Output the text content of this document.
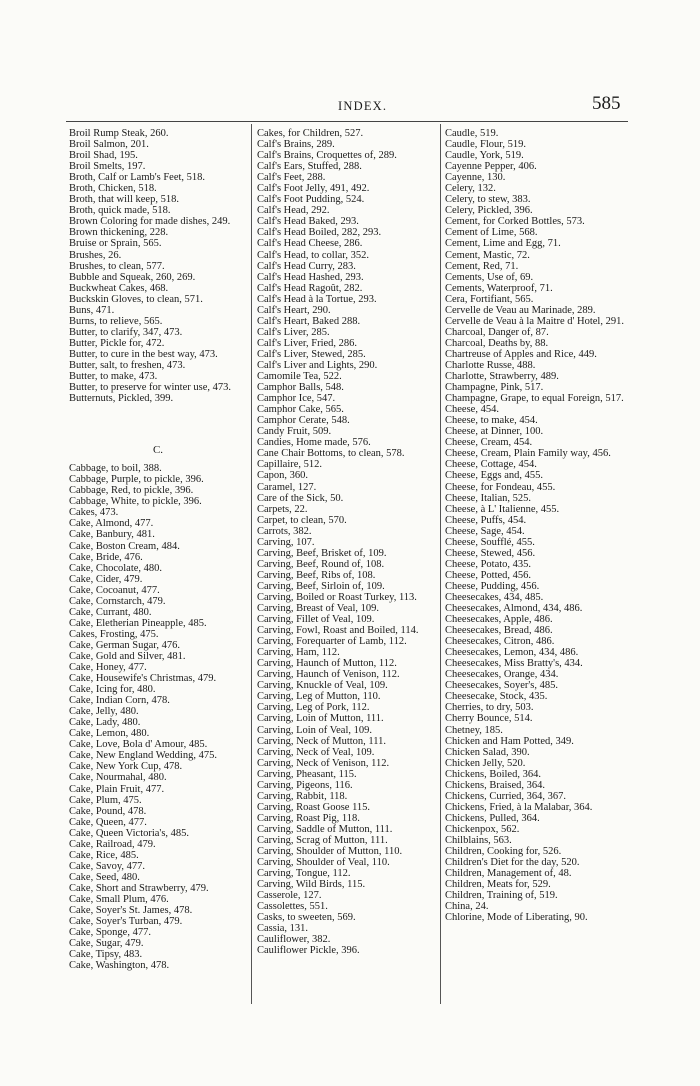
INDEX.	585

Broil Rump Steak, 260.

Broil Salmon, 201.

Broil Shad, 195.

Broil Smelts, 197.

Broth, Calf or Lamb's Feet, 518.

Broth, Chicken, 518.

Broth, that will keep, 518.

Broth, quick made, 518.

Brown Coloring for made dishes, 249.

Brown thickening, 228.

Bruise or Sprain, 565.

Brushes, 26.

Brushes, to clean, 577.

Bubble and Squeak, 260, 269.

Buckwheat Cakes, 468.

Buckskin Gloves, to clean, 571.

Buns, 471.

Burns, to relieve, 565.

Butter, to clarify, 347, 473.

Butter, Pickle for, 472.

Butter, to cure in the best way, 473.

Butter, salt, to freshen, 473.

Butter, to make, 473.

Butter, to preserve for winter use, 473.

Butternuts, Pickled, 399.

C.

Cabbage, to boil, 388.

Cabbage, Purple, to pickle, 396.

Cabbage, Red, to pickle, 396.

Cabbage, White, to pickle, 396.

Cakes, 473.

Cake, Almond, 477.

Cake, Banbury, 481.

Cake, Boston Cream, 484.

Cake, Bride, 476.

Cake, Chocolate, 480.

Cake, Cider, 479.

Cake, Cocoanut, 477.

Cake, Cornstarch, 479.

Cake, Currant, 480.

Cake, Eletherian Pineapple, 485.

Cakes, Frosting, 475.

Cake, German Sugar, 476.

Cake, Gold and Silver, 481.

Cake, Honey, 477.

Cake, Housewife's Christmas, 479.

Cake, Icing for, 480.

Cake, Indian Corn, 478.

Cake, Jelly, 480.

Cake, Lady, 480.

Cake, Lemon, 480.

Cake, Love, Bola d' Amour, 485.

Cake, New England Wedding, 475.

Cake, New York Cup, 478.

Cake, Nourmahal, 480.

Cake, Plain Fruit, 477.

Cake, Plum, 475.

Cake, Pound, 478.

Cake, Queen, 477.

Cake, Queen Victoria's, 485.

Cake, Railroad, 479.

Cake, Rice, 485.

Cake, Savoy, 477.

Cake, Seed, 480.

Cake, Short and Strawberry, 479.

Cake, Small Plum, 476.

Cake, Soyer's St. James, 478.

Cake, Soyer's Turban, 479.

Cake, Sponge, 477.

Cake, Sugar, 479.

Cake, Tipsy, 483.

Cake, Washington, 478.

Cakes, for Children, 527.

Calf's Brains, 289.

Calf's Brains, Croquettes of, 289.

Calf's Ears, Stuffed, 288.

Calf's Feet, 288.

Calf's Foot Jelly, 491, 492.

Calf's Foot Pudding, 524.

Calf's Head, 292.

Calf's Head Baked, 293.

Calf's Head Boiled, 282, 293.

Calf's Head Cheese, 286.

Calf's Head, to collar, 352.

Calf's Head Curry, 283.

Calf's Head Hashed, 293.

Calf's Head Ragoût, 282.

Calf's Head à la Tortue, 293.

Calf's Heart, 290.

Calf's Heart, Baked 288.

Calf's Liver, 285.

Calf's Liver, Fried, 286.

Calf's Liver, Stewed, 285.

Calf's Liver and Lights, 290.

Camomile Tea, 522.

Camphor Balls, 548.

Camphor Ice, 547.

Camphor Cake, 565.

Camphor Cerate, 548.

Candy Fruit, 509.

Candies, Home made, 576.

Cane Chair Bottoms, to clean, 578.

Capillaire, 512.

Capon, 360.

Caramel, 127.

Care of the Sick, 50.

Carpets, 22.

Carpet, to clean, 570.

Carrots, 382.

Carving, 107.

Carving, Beef, Brisket of, 109.

Carving, Beef, Round of, 108.

Carving, Beef, Ribs of, 108.

Carving, Beef, Sirloin of, 109.

Carving, Boiled or Roast Turkey, 113.

Carving, Breast of Veal, 109.

Carving, Fillet of Veal, 109.

Carving, Fowl, Roast and Boiled, 114.

Carving, Forequarter of Lamb, 112.

Carving, Ham, 112.

Carving, Haunch of Mutton, 112.

Carving, Haunch of Venison, 112.

Carving, Knuckle of Veal, 109.

Carving, Leg of Mutton, 110.

Carving, Leg of Pork, 112.

Carving, Loin of Mutton, 111.

Carving, Loin of Veal, 109.

Carving, Neck of Mutton, 111.

Carving, Neck of Veal, 109.

Carving, Neck of Venison, 112.

Carving, Pheasant, 115.

Carving, Pigeons, 116.

Carving, Rabbit, 118.

Carving, Roast Goose 115.

Carving, Roast Pig, 118.

Carving, Saddle of Mutton, 111.

Carving, Scrag of Mutton, 111.

Carving, Shoulder of Mutton, 110.

Carving, Shoulder of Veal, 110.

Carving, Tongue, 112.

Carving, Wild Birds, 115.

Casserole, 127.

Cassolettes, 551.

Casks, to sweeten, 569.

Cassia, 131.

Cauliflower, 382.

Cauliflower Pickle, 396.

Caudle, 519.

Caudle, Flour, 519.

Caudle, York, 519.

Cayenne Pepper, 406.

Cayenne, 130.

Celery, 132.

Celery, to stew, 383.

Celery, Pickled, 396.

Cement, for Corked Bottles, 573.

Cement of Lime, 568.

Cement, Lime and Egg, 71.

Cement, Mastic, 72.

Cement, Red, 71.

Cements, Use of, 69.

Cements, Waterproof, 71.

Cera, Fortifiant, 565.

Cervelle de Veau au Marinade, 289.

Cervelle de Veau à la Maitre d' Hotel, 291.

Charcoal, Danger of, 87.

Charcoal, Deaths by, 88.

Chartreuse of Apples and Rice, 449.

Charlotte Russe, 488.

Charlotte, Strawberry, 489.

Champagne, Pink, 517.

Champagne, Grape, to equal Foreign, 517.

Cheese, 454.

Cheese, to make, 454.

Cheese, at Dinner, 100.

Cheese, Cream, 454.

Cheese, Cream, Plain Family way, 456.

Cheese, Cottage, 454.

Cheese, Eggs and, 455.

Cheese, for Fondeau, 455.

Cheese, Italian, 525.

Cheese, à L' Italienne, 455.

Cheese, Puffs, 454.

Cheese, Sage, 454.

Cheese, Soufflé, 455.

Cheese, Stewed, 456.

Cheese, Potato, 435.

Cheese, Potted, 456.

Cheese, Pudding, 456.

Cheesecakes, 434, 485.

Cheesecakes, Almond, 434, 486.

Cheesecakes, Apple, 486.

Cheesecakes, Bread, 486.

Cheesecakes, Citron, 486.

Cheesecakes, Lemon, 434, 486.

Cheesecakes, Miss Bratty's, 434.

Cheesecakes, Orange, 434.

Cheesecakes, Soyer's, 485.

Cheesecake, Stock, 435.

Cherries, to dry, 503.

Cherry Bounce, 514.

Chetney, 185.

Chicken and Ham Potted, 349.

Chicken Salad, 390.

Chicken Jelly, 520.

Chickens, Boiled, 364.

Chickens, Braised, 364.

Chickens, Curried, 364, 367.

Chickens, Fried, à la Malabar, 364.

Chickens, Pulled, 364.

Chickenpox, 562.

Chilblains, 563.

Children, Cooking for, 526.

Children's Diet for the day, 520.

Children, Management of, 48.

Children, Meats for, 529.

Children, Training of, 519.

China, 24.

Chlorine, Mode of Liberating, 90.
